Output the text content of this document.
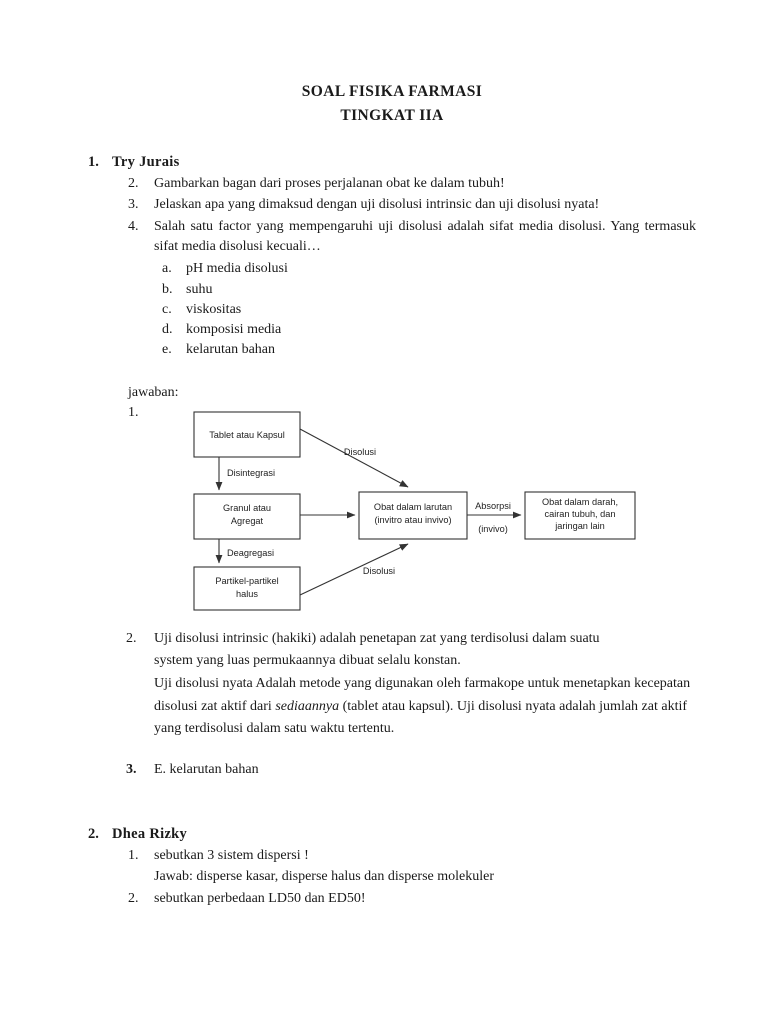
SOAL FISIKA FARMASI
TINGKAT IIA
1. Try Jurais
2.	Gambarkan bagan dari proses perjalanan obat ke dalam tubuh!
3.	Jelaskan apa yang dimaksud dengan uji disolusi intrinsic dan uji disolusi nyata!
4.	Salah satu factor yang mempengaruhi uji disolusi adalah sifat media disolusi. Yang termasuk sifat media disolusi kecuali…
a.	pH media disolusi
b. suhu
c.	viskositas
d. komposisi media
e.	kelarutan bahan
jawaban:
1.
Tablet atau Kapsul
Granul atau
Agregat
Partikel-partikel
halus
Obat dalam larutan
(invitro atau invivo)
Obat dalam darah,
cairan tubuh, dan
jaringan lain
Disintegrasi
Deagregasi
Disolusi
Disolusi
Absorpsi
(invivo)
2.	Uji disolusi intrinsic (hakiki) adalah penetapan zat yang terdisolusi dalam suatu
system yang luas permukaannya dibuat selalu konstan.
Uji disolusi nyata Adalah metode yang digunakan oleh farmakope untuk menetapkan kecepatan disolusi zat aktif dari sediaannya (tablet atau kapsul). Uji disolusi nyata adalah jumlah zat aktif yang terdisolusi dalam satu waktu tertentu.
3.	E. kelarutan bahan
2. Dhea Rizky
1.	sebutkan 3 sistem dispersi !
Jawab: disperse kasar, disperse halus dan disperse molekuler
2.	sebutkan perbedaan LD50 dan ED50!
